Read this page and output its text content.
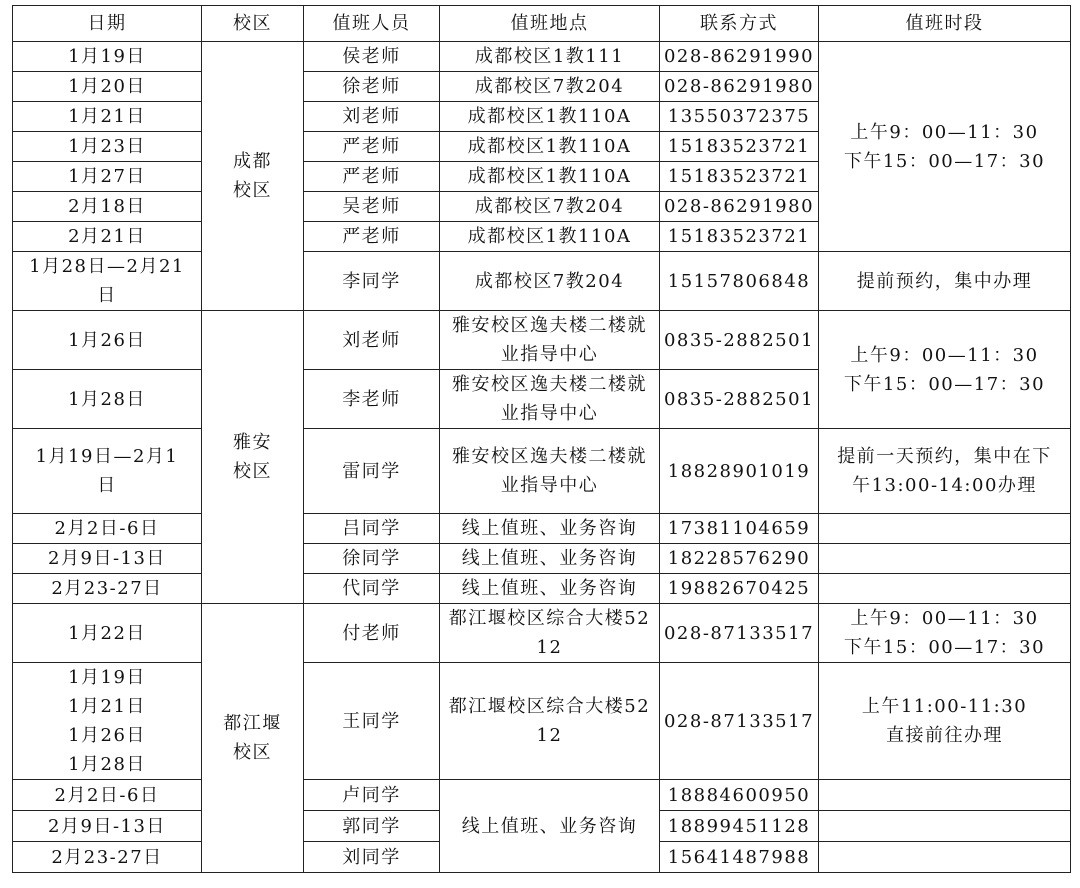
日期	校区	值班人员	值班地点	联系方式	值班时段
1月19日	成都校区	侯老师	成都校区1教111	028-86291990	上午9：00—11：30 下午15：00—17：30
1月20日		徐老师	成都校区7教204	028-86291980	
1月21日		刘老师	成都校区1教110A	13550372375	
1月23日		严老师	成都校区1教110A	15183523721	
1月27日		严老师	成都校区1教110A	15183523721	
2月18日		吴老师	成都校区7教204	028-86291980	
2月21日		严老师	成都校区1教110A	15183523721	
1月28日—2月21日		李同学	成都校区7教204	15157806848	提前预约，集中办理
1月26日	雅安校区	刘老师	雅安校区逸夫楼二楼就业指导中心	0835-2882501	上午9：00—11：30 下午15：00—17：30
1月28日		李老师	雅安校区逸夫楼二楼就业指导中心	0835-2882501	
1月19日—2月1日		雷同学	雅安校区逸夫楼二楼就业指导中心	18828901019	提前一天预约，集中在下午13:00-14:00办理
2月2日-6日		吕同学	线上值班、业务咨询	17381104659	
2月9日-13日		徐同学	线上值班、业务咨询	18228576290	
2月23-27日		代同学	线上值班、业务咨询	19882670425	
1月22日	都江堰校区	付老师	都江堰校区综合大楼5212	028-87133517	上午9：00—11：30 下午15：00—17：30
1月19日 1月21日 1月26日 1月28日		王同学	都江堰校区综合大楼5212	028-87133517	上午11:00-11:30 直接前往办理
2月2日-6日		卢同学	线上值班、业务咨询	18884600950	
2月9日-13日		郭同学		18899451128	
2月23-27日		刘同学		15641487988	
